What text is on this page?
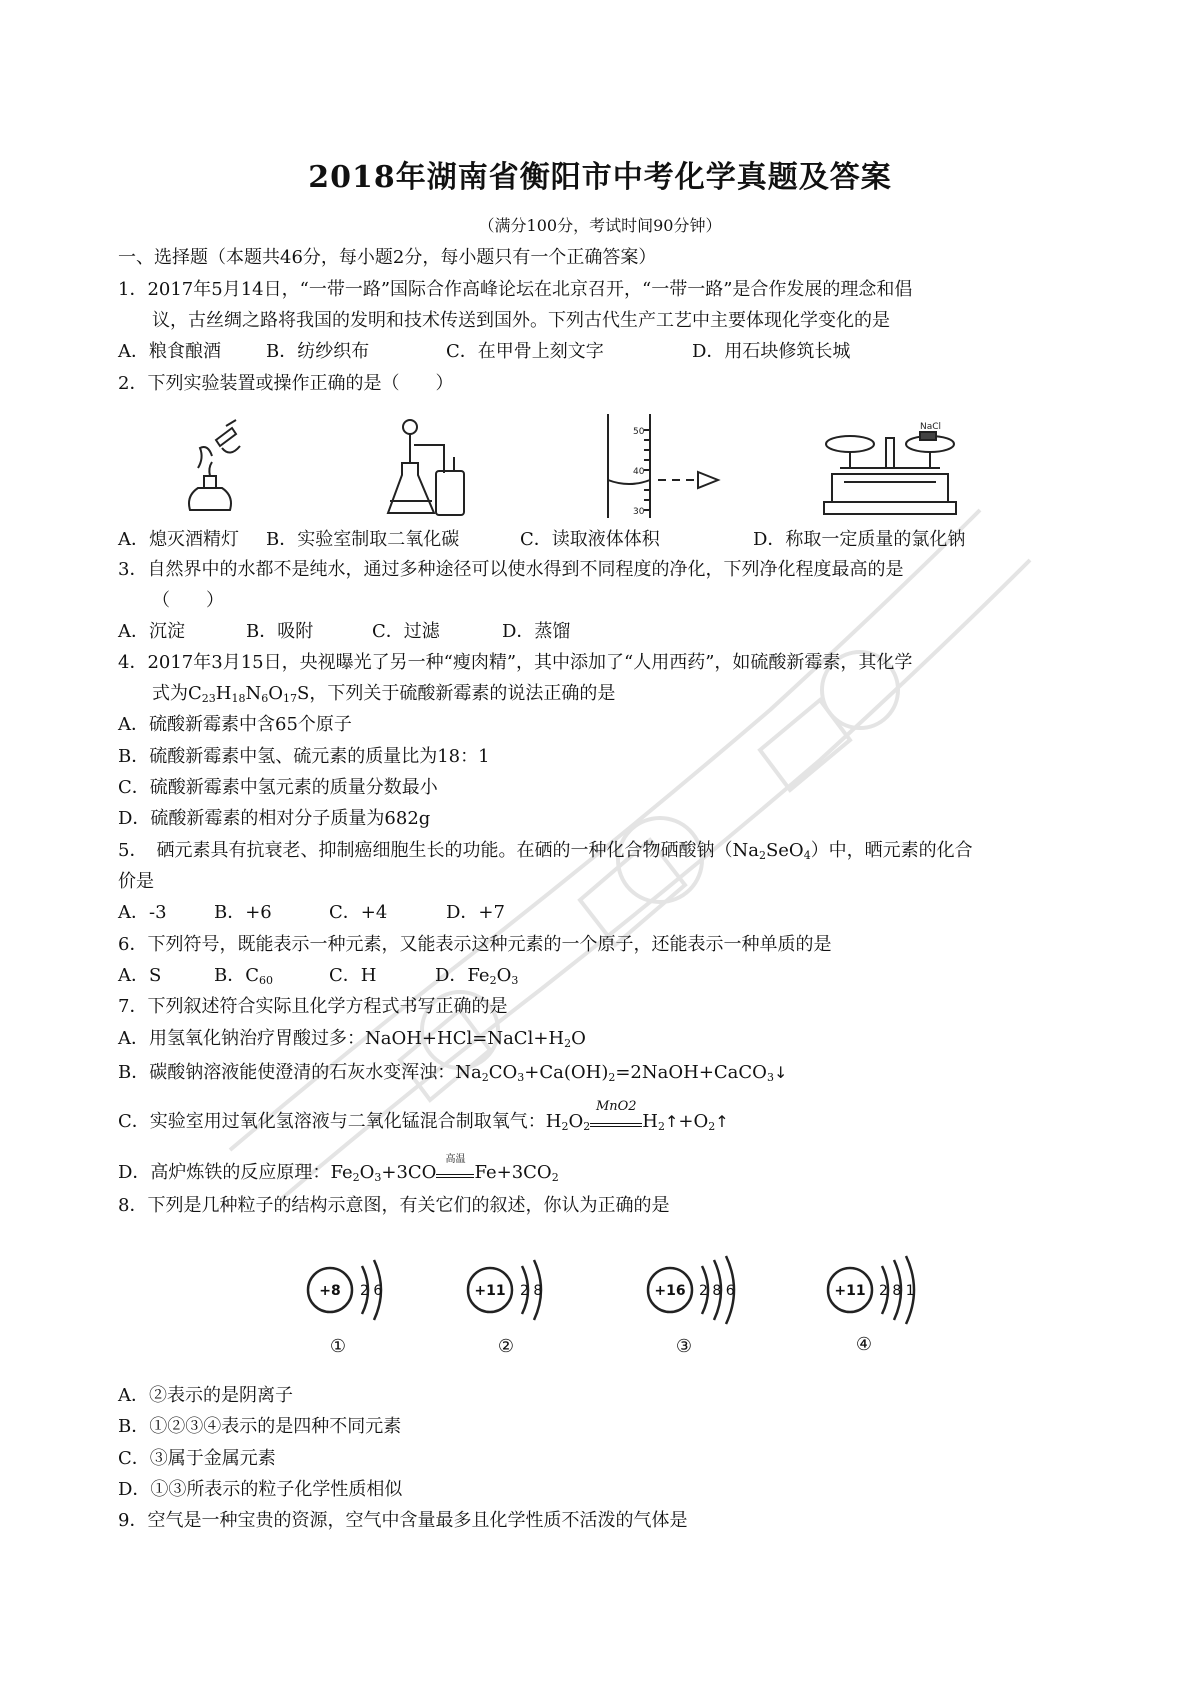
2018年湖南省衡阳市中考化学真题及答案
（满分100分，考试时间90分钟）
一、选择题（本题共46分，每小题2分，每小题只有一个正确答案）
1．2017年5月14日，“一带一路”国际合作高峰论坛在北京召开，“一带一路”是合作发展的理念和倡
议，古丝绸之路将我国的发明和技术传送到国外。下列古代生产工艺中主要体现化学变化的是
A．粮食酿酒	B．纺纱织布	C．在甲骨上刻文字	D．用石块修筑长城
2．下列实验装置或操作正确的是（　　）
50
40
30
NaCl
A．熄灭酒精灯 B．实验室制取二氧化碳	C．读取液体体积	D．称取一定质量的氯化钠
3．自然界中的水都不是纯水，通过多种途径可以使水得到不同程度的净化，下列净化程度最高的是
（　　）
A．沉淀	B．吸附	C．过滤	D．蒸馏
4．2017年3月15日，央视曝光了另一种“瘦肉精”，其中添加了“人用西药”，如硫酸新霉素，其化学
式为$C_{23}H_{18}N_6O_{17}S$，下列关于硫酸新霉素的说法正确的是
A．硫酸新霉素中含65个原子
B．硫酸新霉素中氢、硫元素的质量比为18：1
C．硫酸新霉素中氢元素的质量分数最小
D．硫酸新霉素的相对分子质量为682g
5．　硒元素具有抗衰老、抑制癌细胞生长的功能。在硒的一种化合物硒酸钠$(Na_2SeO_4)$中，晒元素的化合
价是
A．-3	B．+6	C．+4	D．+7
6．下列符号，既能表示一种元素，又能表示这种元素的一个原子，还能表示一种单质的是
A．S	B．$C_{60}$	C．H	D．$Fe_2O_3$
7．下列叙述符合实际且化学方程式书写正确的是
A．用氢氧化钠治疗胃酸过多：$NaOH+HCl=NaCl+H_2O$
B．碳酸钠溶液能使澄清的石灰水变浑浊：$Na_2CO_3+Ca(OH)_2=2NaOH+CaCO_3↓$
C．实验室用过氧化氢溶液与二氧化锰混合制取氧气：$H_2O_2$
MnO2
$H_2↑+O_2↑$
D．高炉炼铁的反应原理：$Fe_2O_3+3CO$
高温
$Fe+3CO_2$
8．下列是几种粒子的结构示意图，有关它们的叙述，你认为正确的是
+8	+11	+16	+11
2 6	2 8	2 8 6	2 8 1
①	②	③	④
A．②表示的是阴离子
B．①②③④表示的是四种不同元素
C．③属于金属元素
D．①③所表示的粒子化学性质相似
9．空气是一种宝贵的资源，空气中含量最多且化学性质不活泼的气体是
